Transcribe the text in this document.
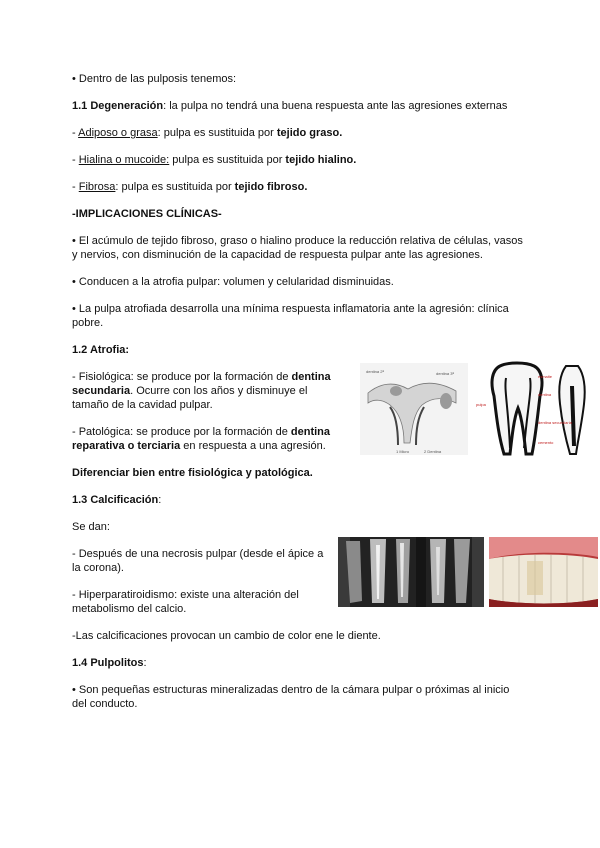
• Dentro de las pulposis tenemos:
1.1 Degeneración: la pulpa no tendrá una buena respuesta ante las agresiones externas
- Adiposo o grasa: pulpa es sustituida por tejido graso.
- Hialina o mucoide: pulpa es sustituida por tejido hialino.
- Fibrosa: pulpa es sustituida por tejido fibroso.
-IMPLICACIONES CLÍNICAS-
• El acúmulo de tejido fibroso, graso o hialino produce la reducción relativa de células, vasos
y nervios, con disminución de la capacidad de respuesta pulpar ante las agresiones.
• Conducen a la atrofia pulpar: volumen y celularidad disminuidas.
• La pulpa atrofiada desarrolla una mínima respuesta inflamatoria ante la agresión: clínica
pobre.
1.2 Atrofia:
- Fisiológica: se produce por la formación de dentina
secundaria. Ocurre con los años y disminuye el
tamaño de la cavidad pulpar.
- Patológica: se produce por la formación de dentina
reparativa o terciaria en respuesta a una agresión.
Diferenciar bien entre fisiológica y patológica.
1.3 Calcificación:
Se dan:
- Después de una necrosis pulpar (desde el ápice a
la corona).
- Hiperparatiroidismo: existe una alteración del
metabolismo del calcio.
-Las calcificaciones provocan un cambio de color ene le diente.
1.4 Pulpolitos:
• Son pequeñas estructuras mineralizadas dentro de la cámara pulpar o próximas al inicio
del conducto.
dentina 2ª	dentina 3ª
1 Micro	2 Dentina
esmalte
dentina
pulpa
dentina secundaria
cemento
